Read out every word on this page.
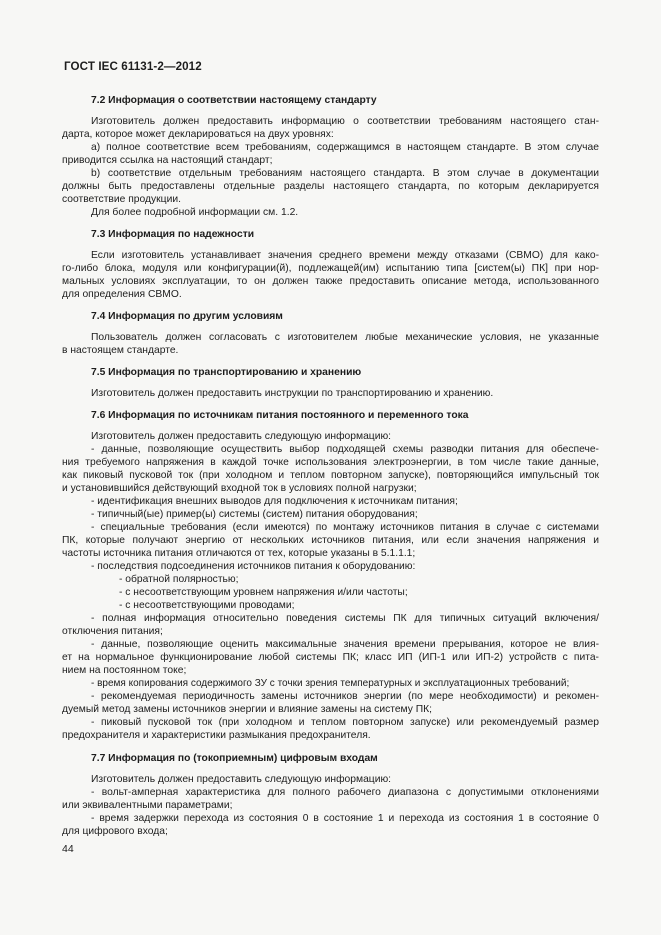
ГОСТ IEC 61131-2—2012
7.2 Информация о соответствии настоящему стандарту
Изготовитель должен предоставить информацию о соответствии требованиям настоящего стан-
дарта, которое может декларироваться на двух уровнях:
a) полное соответствие всем требованиям, содержащимся в настоящем стандарте. В этом случае
приводится ссылка на настоящий стандарт;
b) соответствие отдельным требованиям настоящего стандарта. В этом случае в документации
должны быть предоставлены отдельные разделы настоящего стандарта, по которым декларируется
соответствие продукции.
Для более подробной информации см. 1.2.
7.3 Информация по надежности
Если изготовитель устанавливает значения среднего времени между отказами (СВМО) для како-
го-либо блока, модуля или конфигурации(й), подлежащей(им) испытанию типа [систем(ы) ПК] при нор-
мальных условиях эксплуатации, то он должен также предоставить описание метода, использованного
для определения СВМО.
7.4 Информация по другим условиям
Пользователь должен согласовать с изготовителем любые механические условия, не указанные
в настоящем стандарте.
7.5 Информация по транспортированию и хранению
Изготовитель должен предоставить инструкции по транспортированию и хранению.
7.6 Информация по источникам питания постоянного и переменного тока
Изготовитель должен предоставить следующую информацию:
- данные, позволяющие осуществить выбор подходящей схемы разводки питания для обеспече-
ния требуемого напряжения в каждой точке использования электроэнергии, в том числе такие данные,
как пиковый пусковой ток (при холодном и теплом повторном запуске), повторяющийся импульсный ток
и установившийся действующий входной ток в условиях полной нагрузки;
- идентификация внешних выводов для подключения к источникам питания;
- типичный(ые) пример(ы) системы (систем) питания оборудования;
- специальные требования (если имеются) по монтажу источников питания в случае с системами
ПК, которые получают энергию от нескольких источников питания, или если значения напряжения и
частоты источника питания отличаются от тех, которые указаны в 5.1.1.1;
- последствия подсоединения источников питания к оборудованию:
- обратной полярностью;
- с несоответствующим уровнем напряжения и/или частоты;
- с несоответствующими проводами;
- полная информация относительно поведения системы ПК для типичных ситуаций включения/
отключения питания;
- данные, позволяющие оценить максимальные значения времени прерывания, которое не влия-
ет на нормальное функционирование любой системы ПК; класс ИП (ИП-1 или ИП-2) устройств с пита-
нием на постоянном токе;
- время копирования содержимого ЗУ с точки зрения температурных и эксплуатационных требований;
- рекомендуемая периодичность замены источников энергии (по мере необходимости) и рекомен-
дуемый метод замены источников энергии и влияние замены на систему ПК;
- пиковый пусковой ток (при холодном и теплом повторном запуске) или рекомендуемый размер
предохранителя и характеристики размыкания предохранителя.
7.7 Информация по (токоприемным) цифровым входам
Изготовитель должен предоставить следующую информацию:
- вольт-амперная характеристика для полного рабочего диапазона с допустимыми отклонениями
или эквивалентными параметрами;
- время задержки перехода из состояния 0 в состояние 1 и перехода из состояния 1 в состояние 0
для цифрового входа;
44
